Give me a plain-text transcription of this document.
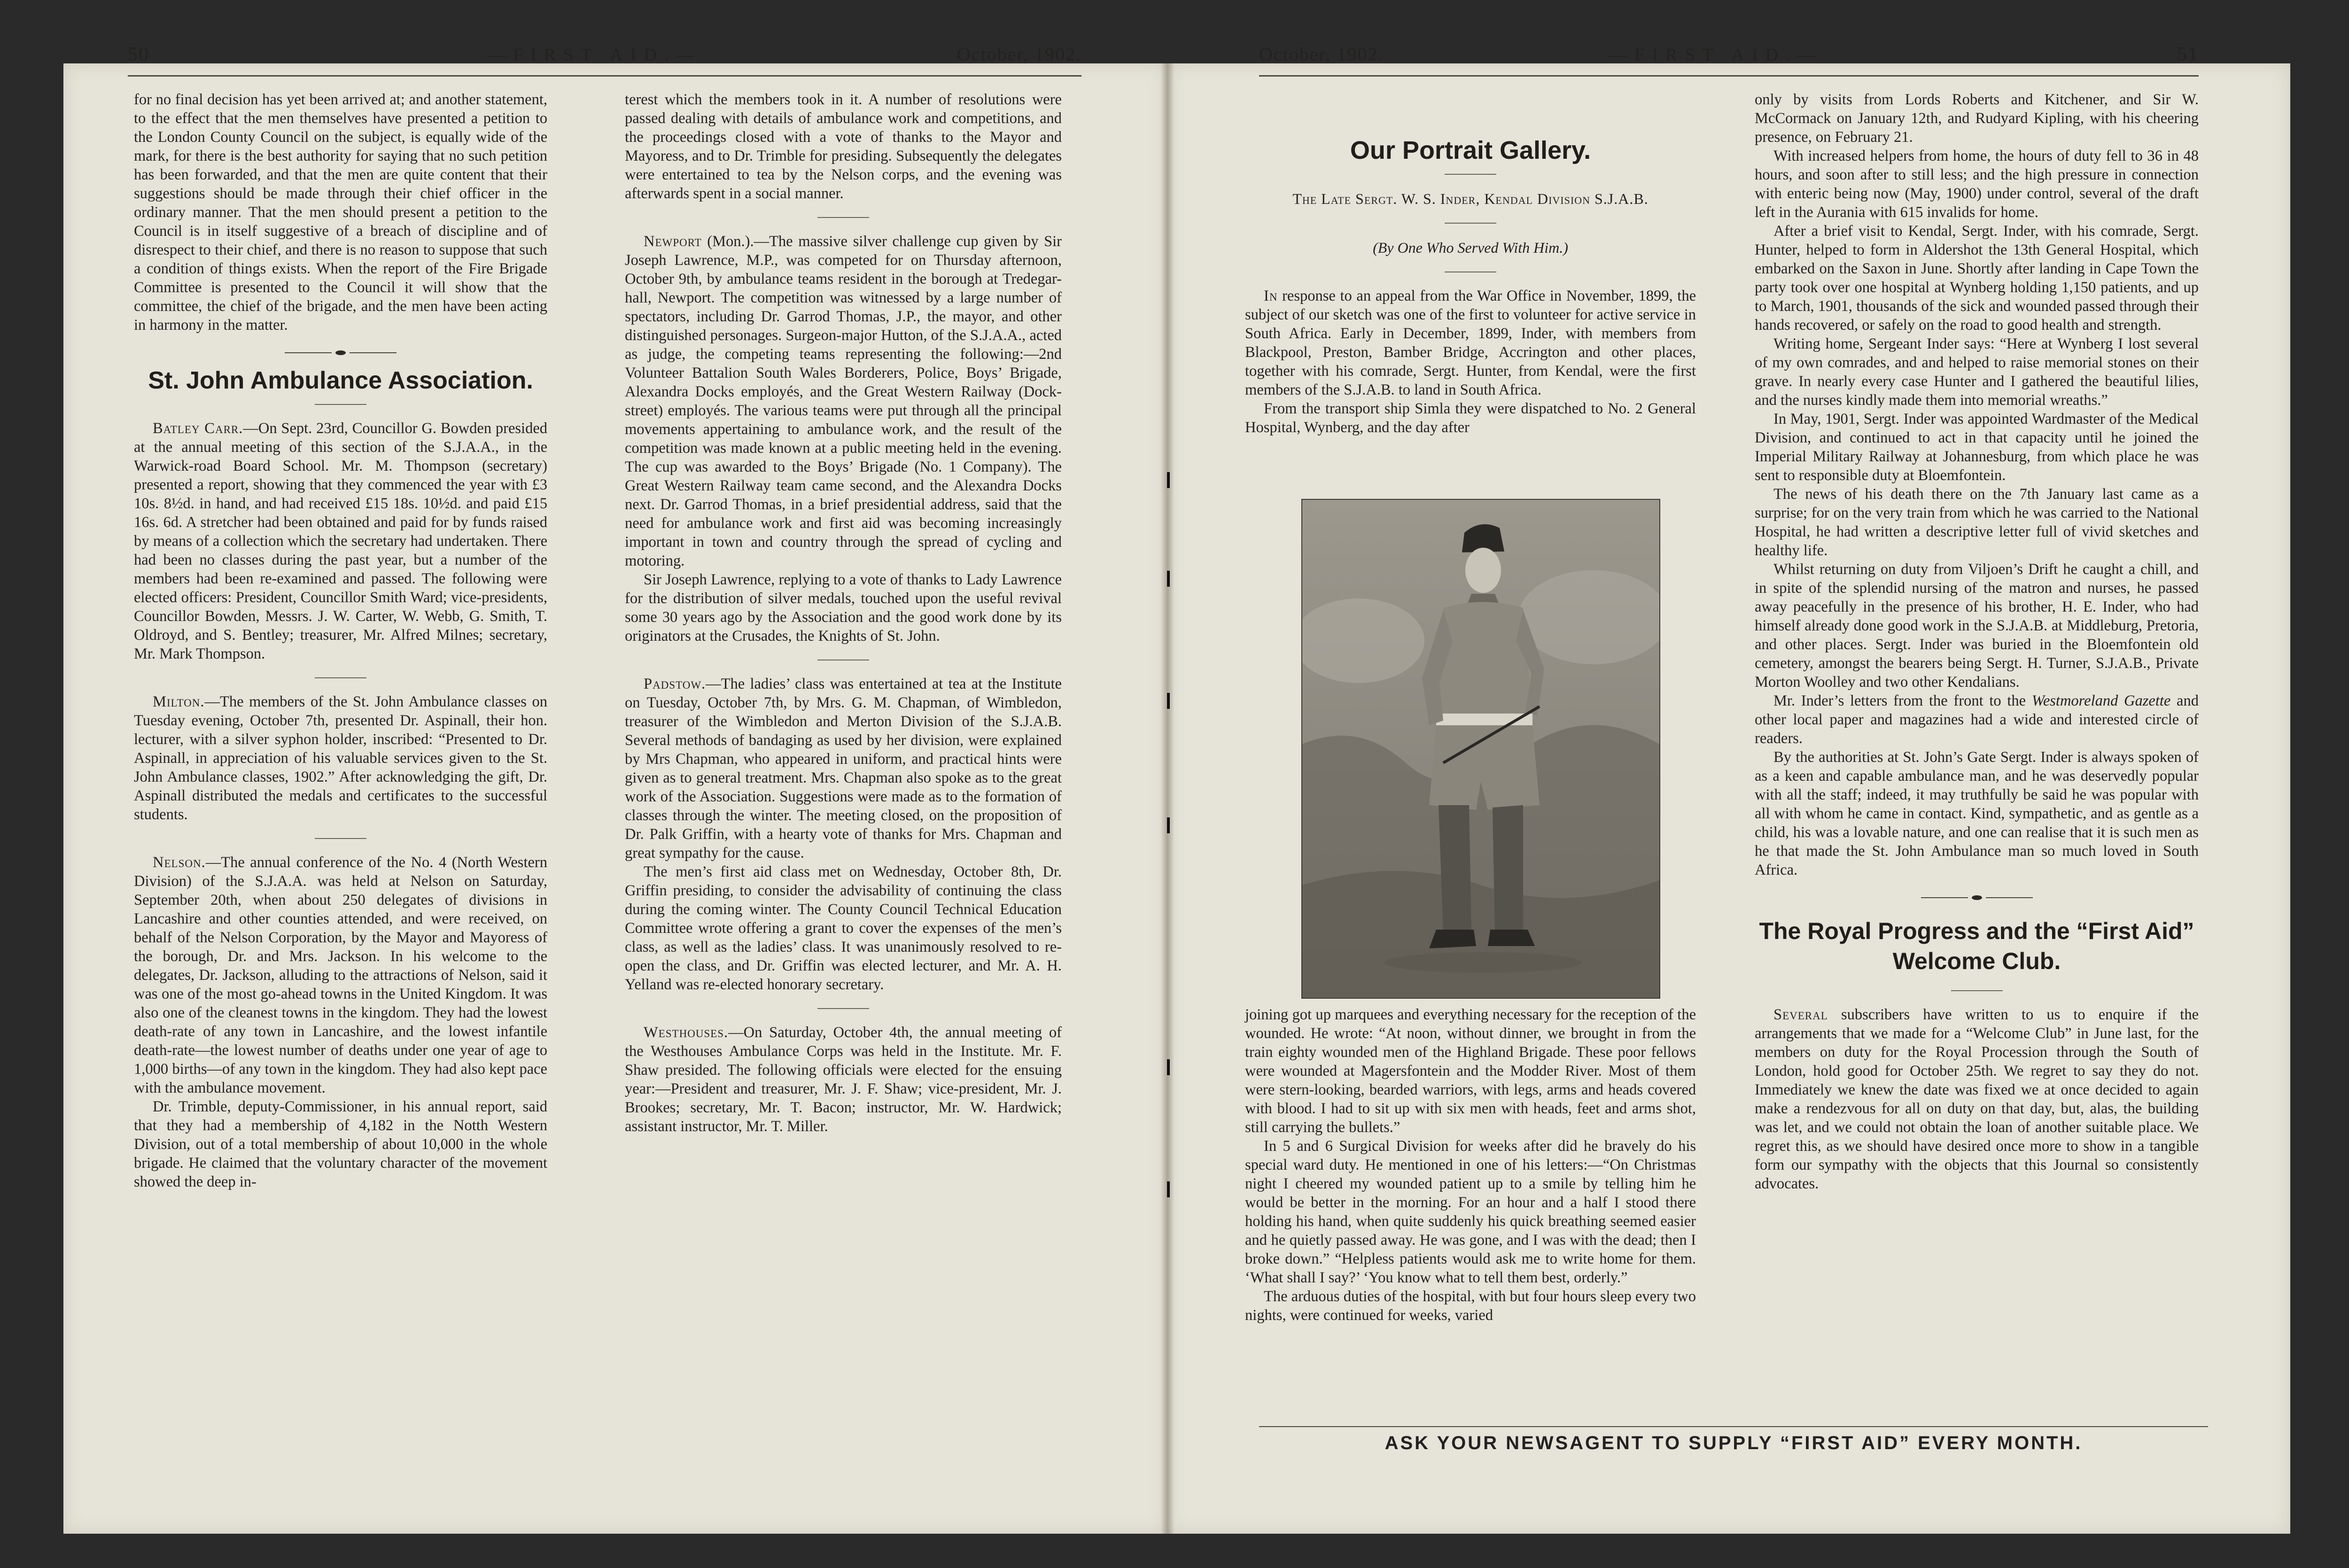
50	—FIRST AID.—	October, 1902.	October, 1902.	—FIRST AID.—	51

for no final decision has yet been arrived at; and another statement, to the effect that the men themselves have presented a petition to the London County Council on the subject, is equally wide of the mark, for there is the best authority for saying that no such petition has been forwarded, and that the men are quite content that their suggestions should be made through their chief officer in the ordinary manner. That the men should present a petition to the Council is in itself suggestive of a breach of discipline and of disrespect to their chief, and there is no reason to suppose that such a condition of things exists. When the report of the Fire Brigade Committee is presented to the Council it will show that the committee, the chief of the brigade, and the men have been acting in harmony in the matter.

St. John Ambulance Association.

Batley Carr.—On Sept. 23rd, Councillor G. Bowden presided at the annual meeting of this section of the S.J.A.A., in the Warwick-road Board School. Mr. M. Thompson (secretary) presented a report, showing that they commenced the year with £3 10s. 8½d. in hand, and had received £15 18s. 10½d. and paid £15 16s. 6d. A stretcher had been obtained and paid for by funds raised by means of a collection which the secretary had undertaken. There had been no classes during the past year, but a number of the members had been re-examined and passed. The following were elected officers: President, Councillor Smith Ward; vice-presidents, Councillor Bowden, Messrs. J. W. Carter, W. Webb, G. Smith, T. Oldroyd, and S. Bentley; treasurer, Mr. Alfred Milnes; secretary, Mr. Mark Thompson.

Milton.—The members of the St. John Ambulance classes on Tuesday evening, October 7th, presented Dr. Aspinall, their hon. lecturer, with a silver syphon holder, inscribed: “Presented to Dr. Aspinall, in appreciation of his valuable services given to the St. John Ambulance classes, 1902.” After acknowledging the gift, Dr. Aspinall distributed the medals and certificates to the successful students.

Nelson.—The annual conference of the No. 4 (North Western Division) of the S.J.A.A. was held at Nelson on Saturday, September 20th, when about 250 delegates of divisions in Lancashire and other counties attended, and were received, on behalf of the Nelson Corporation, by the Mayor and Mayoress of the borough, Dr. and Mrs. Jackson. In his welcome to the delegates, Dr. Jackson, alluding to the attractions of Nelson, said it was one of the most go-ahead towns in the United Kingdom. It was also one of the cleanest towns in the kingdom. They had the lowest death-rate of any town in Lancashire, and the lowest infantile death-rate—the lowest number of deaths under one year of age to 1,000 births—of any town in the kingdom. They had also kept pace with the ambulance movement.

Dr. Trimble, deputy-Commissioner, in his annual report, said that they had a membership of 4,182 in the Notth Western Division, out of a total membership of about 10,000 in the whole brigade. He claimed that the voluntary character of the movement showed the deep in-

terest which the members took in it. A number of resolutions were passed dealing with details of ambulance work and competitions, and the proceedings closed with a vote of thanks to the Mayor and Mayoress, and to Dr. Trimble for presiding. Subsequently the delegates were entertained to tea by the Nelson corps, and the evening was afterwards spent in a social manner.

Newport (Mon.).—The massive silver challenge cup given by Sir Joseph Lawrence, M.P., was competed for on Thursday afternoon, October 9th, by ambulance teams resident in the borough at Tredegar-hall, Newport. The competition was witnessed by a large number of spectators, including Dr. Garrod Thomas, J.P., the mayor, and other distinguished personages. Surgeon-major Hutton, of the S.J.A.A., acted as judge, the competing teams representing the following:—2nd Volunteer Battalion South Wales Borderers, Police, Boys’ Brigade, Alexandra Docks employés, and the Great Western Railway (Dock-street) employés. The various teams were put through all the principal movements appertaining to ambulance work, and the result of the competition was made known at a public meeting held in the evening. The cup was awarded to the Boys’ Brigade (No. 1 Company). The Great Western Railway team came second, and the Alexandra Docks next. Dr. Garrod Thomas, in a brief presidential address, said that the need for ambulance work and first aid was becoming increasingly important in town and country through the spread of cycling and motoring.

Sir Joseph Lawrence, replying to a vote of thanks to Lady Lawrence for the distribution of silver medals, touched upon the useful revival some 30 years ago by the Association and the good work done by its originators at the Crusades, the Knights of St. John.

Padstow.—The ladies’ class was entertained at tea at the Institute on Tuesday, October 7th, by Mrs. G. M. Chapman, of Wimbledon, treasurer of the Wimbledon and Merton Division of the S.J.A.B. Several methods of bandaging as used by her division, were explained by Mrs Chapman, who appeared in uniform, and practical hints were given as to general treatment. Mrs. Chapman also spoke as to the great work of the Association. Suggestions were made as to the formation of classes through the winter. The meeting closed, on the proposition of Dr. Palk Griffin, with a hearty vote of thanks for Mrs. Chapman and great sympathy for the cause.

The men’s first aid class met on Wednesday, October 8th, Dr. Griffin presiding, to consider the advisability of continuing the class during the coming winter. The County Council Technical Education Committee wrote offering a grant to cover the expenses of the men’s class, as well as the ladies’ class. It was unanimously resolved to re-open the class, and Dr. Griffin was elected lecturer, and Mr. A. H. Yelland was re-elected honorary secretary.

Westhouses.—On Saturday, October 4th, the annual meeting of the Westhouses Ambulance Corps was held in the Institute. Mr. F. Shaw presided. The following officials were elected for the ensuing year:—President and treasurer, Mr. J. F. Shaw; vice-president, Mr. J. Brookes; secretary, Mr. T. Bacon; instructor, Mr. W. Hardwick; assistant instructor, Mr. T. Miller.

Our Portrait Gallery.

The Late Sergt. W. S. Inder, Kendal Division S.J.A.B.

(By One Who Served With Him.)

In response to an appeal from the War Office in November, 1899, the subject of our sketch was one of the first to volunteer for active service in South Africa. Early in December, 1899, Inder, with members from Blackpool, Preston, Bamber Bridge, Accrington and other places, together with his comrade, Sergt. Hunter, from Kendal, were the first members of the S.J.A.B. to land in South Africa.

From the transport ship Simla they were dispatched to No. 2 General Hospital, Wynberg, and the day after

joining got up marquees and everything necessary for the reception of the wounded. He wrote: “At noon, without dinner, we brought in from the train eighty wounded men of the Highland Brigade. These poor fellows were wounded at Magersfontein and the Modder River. Most of them were stern-looking, bearded warriors, with legs, arms and heads covered with blood. I had to sit up with six men with heads, feet and arms shot, still carrying the bullets.”

In 5 and 6 Surgical Division for weeks after did he bravely do his special ward duty. He mentioned in one of his letters:—“On Christmas night I cheered my wounded patient up to a smile by telling him he would be better in the morning. For an hour and a half I stood there holding his hand, when quite suddenly his quick breathing seemed easier and he quietly passed away. He was gone, and I was with the dead; then I broke down.” “Helpless patients would ask me to write home for them. ‘What shall I say?’ ‘You know what to tell them best, orderly.”

The arduous duties of the hospital, with but four hours sleep every two nights, were continued for weeks, varied

only by visits from Lords Roberts and Kitchener, and Sir W. McCormack on January 12th, and Rudyard Kipling, with his cheering presence, on February 21.

With increased helpers from home, the hours of duty fell to 36 in 48 hours, and soon after to still less; and the high pressure in connection with enteric being now (May, 1900) under control, several of the draft left in the Aurania with 615 invalids for home.

After a brief visit to Kendal, Sergt. Inder, with his comrade, Sergt. Hunter, helped to form in Aldershot the 13th General Hospital, which embarked on the Saxon in June. Shortly after landing in Cape Town the party took over one hospital at Wynberg holding 1,150 patients, and up to March, 1901, thousands of the sick and wounded passed through their hands recovered, or safely on the road to good health and strength.

Writing home, Sergeant Inder says: “Here at Wynberg I lost several of my own comrades, and and helped to raise memorial stones on their grave. In nearly every case Hunter and I gathered the beautiful lilies, and the nurses kindly made them into memorial wreaths.”

In May, 1901, Sergt. Inder was appointed Wardmaster of the Medical Division, and continued to act in that capacity until he joined the Imperial Military Railway at Johannesburg, from which place he was sent to responsible duty at Bloemfontein.

The news of his death there on the 7th January last came as a surprise; for on the very train from which he was carried to the National Hospital, he had written a descriptive letter full of vivid sketches and healthy life.

Whilst returning on duty from Viljoen’s Drift he caught a chill, and in spite of the splendid nursing of the matron and nurses, he passed away peacefully in the presence of his brother, H. E. Inder, who had himself already done good work in the S.J.A.B. at Middleburg, Pretoria, and other places. Sergt. Inder was buried in the Bloemfontein old cemetery, amongst the bearers being Sergt. H. Turner, S.J.A.B., Private Morton Woolley and two other Kendalians.

Mr. Inder’s letters from the front to the Westmoreland Gazette and other local paper and magazines had a wide and interested circle of readers.

By the authorities at St. John’s Gate Sergt. Inder is always spoken of as a keen and capable ambulance man, and he was deservedly popular with all the staff; indeed, it may truthfully be said he was popular with all with whom he came in contact. Kind, sympathetic, and as gentle as a child, his was a lovable nature, and one can realise that it is such men as he that made the St. John Ambulance man so much loved in South Africa.

The Royal Progress and the “First Aid” Welcome Club.

Several subscribers have written to us to enquire if the arrangements that we made for a “Welcome Club” in June last, for the members on duty for the Royal Procession through the South of London, hold good for October 25th. We regret to say they do not. Immediately we knew the date was fixed we at once decided to again make a rendezvous for all on duty on that day, but, alas, the building was let, and we could not obtain the loan of another suitable place. We regret this, as we should have desired once more to show in a tangible form our sympathy with the objects that this Journal so consistently advocates.

ASK YOUR NEWSAGENT TO SUPPLY “FIRST AID” EVERY MONTH.
